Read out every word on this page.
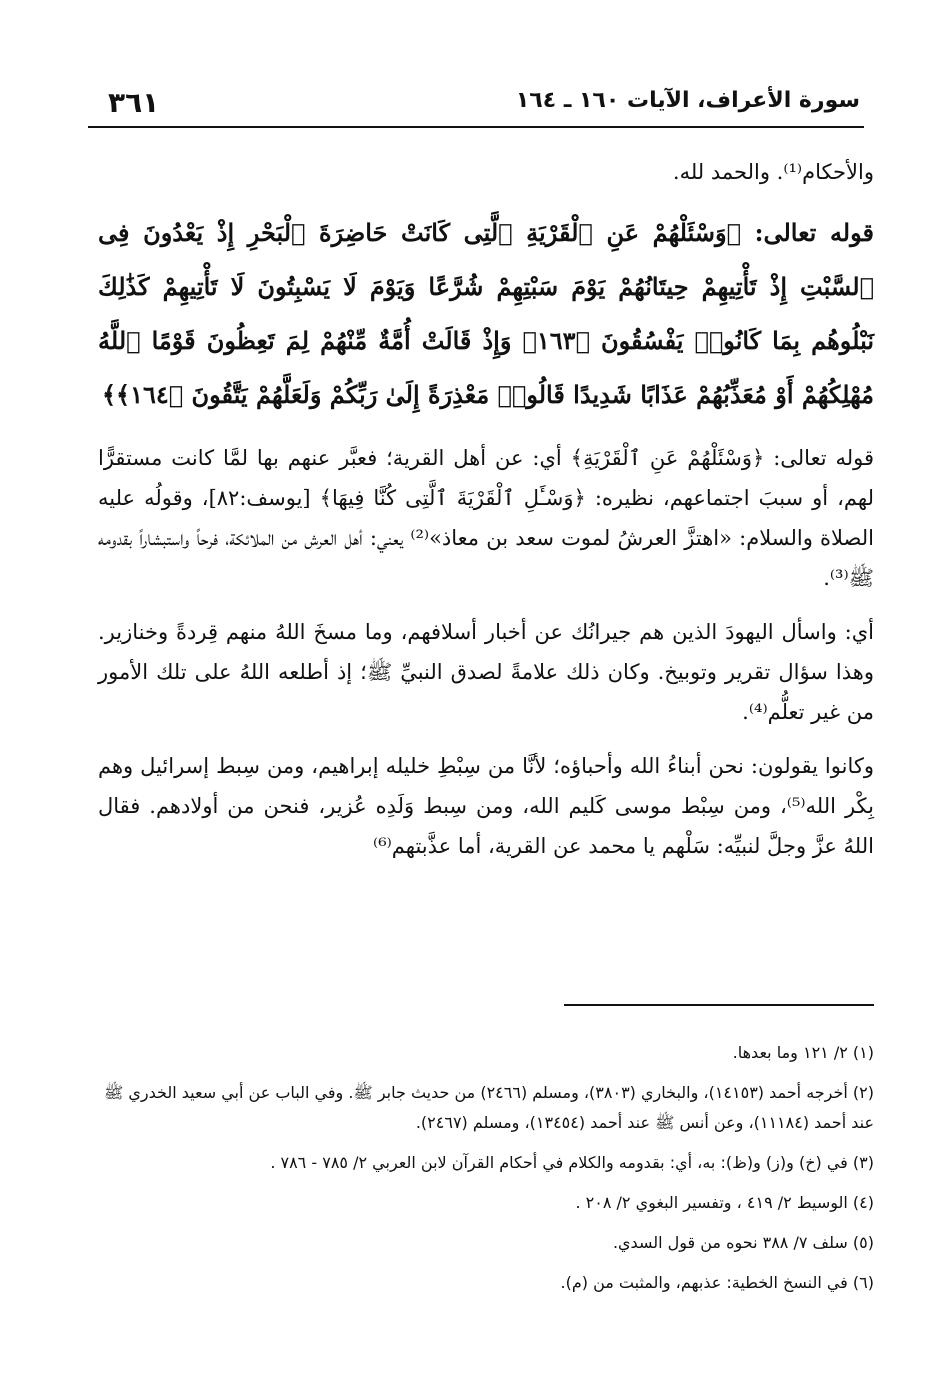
٣٦١	سورة الأعراف، الآيات ١٦٠ ـ ١٦٤

والأحكام⁽¹⁾. والحمد لله.

قوله تعالى: ﴿وَسْئَلْهُمْ عَنِ ٱلْقَرْيَةِ ٱلَّتِى كَانَتْ حَاضِرَةَ ٱلْبَحْرِ إِذْ يَعْدُونَ فِى ٱلسَّبْتِ إِذْ تَأْتِيهِمْ حِيتَانُهُمْ يَوْمَ سَبْتِهِمْ شُرَّعًا وَيَوْمَ لَا يَسْبِتُونَ لَا تَأْتِيهِمْ كَذَٰلِكَ نَبْلُوهُم بِمَا كَانُوا۟ يَفْسُقُونَ ﴿١٦٣﴾ وَإِذْ قَالَتْ أُمَّةٌ مِّنْهُمْ لِمَ تَعِظُونَ قَوْمًا ٱللَّهُ مُهْلِكُهُمْ أَوْ مُعَذِّبُهُمْ عَذَابًا شَدِيدًا قَالُوا۟ مَعْذِرَةً إِلَىٰ رَبِّكُمْ وَلَعَلَّهُمْ يَتَّقُونَ ﴿١٦٤﴾﴾

قوله تعالى: ﴿وَسْئَلْهُمْ عَنِ ٱلْقَرْيَةِ﴾ أي: عن أهل القرية؛ فعبَّر عنهم بها لمَّا كانت مستقرًّا لهم، أو سببَ اجتماعهم، نظيره: ﴿وَسْـَٔلِ ٱلْقَرْيَةَ ٱلَّتِى كُنَّا فِيهَا﴾ [يوسف:٨٢]، وقولُه عليه الصلاة والسلام: «اهتزَّ العرشُ لموت سعد بن معاذ»⁽²⁾ يعني: أهل العرش من الملائكة، فرحاً واستبشاراً بقدومه ﷺ⁽³⁾.

أي: واسأل اليهودَ الذين هم جيرانُك عن أخبار أسلافهم، وما مسخَ اللهُ منهم قِردةً وخنازير. وهذا سؤال تقرير وتوبيخ. وكان ذلك علامةً لصدق النبيِّ ﷺ؛ إذ أطلعه اللهُ على تلك الأمور من غير تعلُّم⁽⁴⁾.

وكانوا يقولون: نحن أبناءُ الله وأحباؤه؛ لأنَّا من سِبْطِ خليله إبراهيم، ومن سِبط إسرائيل وهم بِكْر الله⁽⁵⁾، ومن سِبْط موسى كَليم الله، ومن سِبط وَلَدِه عُزير، فنحن من أولادهم. فقال اللهُ عزَّ وجلَّ لنبيِّه: سَلْهم يا محمد عن القرية، أما عذَّبتهم⁽⁶⁾

(١) ٢/ ١٢١ وما بعدها.

(٢) أخرجه أحمد (١٤١٥٣)، والبخاري (٣٨٠٣)، ومسلم (٢٤٦٦) من حديث جابر ﷺ. وفي الباب عن أبي سعيد الخدري ﷺ عند أحمد (١١١٨٤)، وعن أنس ﷺ عند أحمد (١٣٤٥٤)، ومسلم (٢٤٦٧).

(٣) في (خ) و(ز) و(ظ): به، أي: بقدومه والكلام في أحكام القرآن لابن العربي ٢/ ٧٨٥ - ٧٨٦ .

(٤) الوسيط ٢/ ٤١٩ ، وتفسير البغوي ٢/ ٢٠٨ .

(٥) سلف ٧/ ٣٨٨ نحوه من قول السدي.

(٦) في النسخ الخطية: عذبهم، والمثبت من (م).
